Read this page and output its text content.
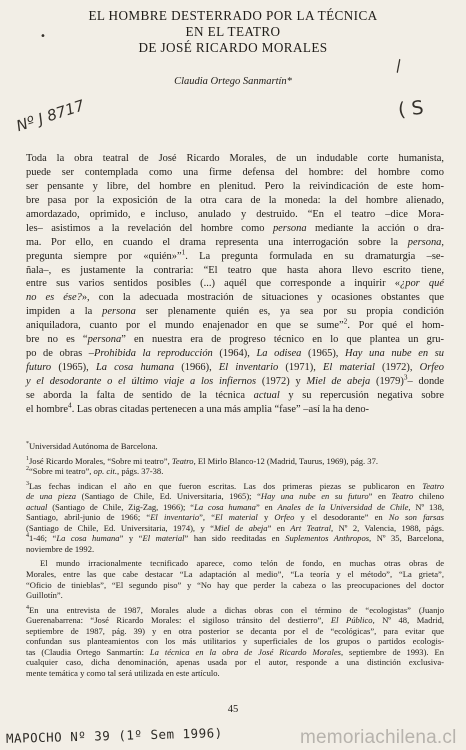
EL HOMBRE DESTERRADO POR LA TÉCNICA
EN EL TEATRO
DE JOSÉ RICARDO MORALES
Claudia Ortego Sanmartín*
•
\
Nº J 8717	( S
Toda la obra teatral de José Ricardo Morales, de un indudable corte humanista,
puede ser contemplada como una firme defensa del hombre: del hombre como
ser pensante y libre, del hombre en plenitud. Pero la reivindicación de este hom-
bre pasa por la exposición de la otra cara de la moneda: la del hombre alienado,
amordazado, oprimido, e incluso, anulado y destruido. “En el teatro –dice Mora-
les– asistimos a la revelación del hombre como persona mediante la acción o dra-
ma. Por ello, en cuando el drama representa una interrogación sobre la persona,
pregunta siempre por «quién»”$^1$. La pregunta formulada en su dramaturgia –se-
ñala–, es justamente la contraria: “El teatro que hasta ahora llevo escrito tiene,
entre sus varios sentidos posibles (...) aquél que corresponde a inquirir «¿por qué
no es ése?», con la adecuada mostración de situaciones y ocasiones obstantes que
impiden a la persona ser plenamente quién es, ya sea por su propia condición
aniquiladora, cuanto por el mundo enajenador en que se sume”$^2$. Por qué el hom-
bre no es “persona” en nuestra era de progreso técnico en lo que plantea un gru-
po de obras –Prohibida la reproducción (1964), La odisea (1965), Hay una nube en su
futuro (1965), La cosa humana (1966), El inventario (1971), El material (1972), Orfeo
y el desodorante o el último viaje a los infiernos (1972) y Miel de abeja $(1979)^3-$ donde
se aborda la falta de sentido de la técnica actual y su repercusión negativa sobre
el hombre$^4$. Las obras citadas pertenecen a una más amplia “fase” –así la ha deno-
*Universidad Autónoma de Barcelona.
$^1$José Ricardo Morales, “Sobre mi teatro”, Teatro, El Mirlo Blanco-12 (Madrid, Taurus, 1969), pág. 37.
$^2$“Sobre mi teatro”, op. cit., págs. 37-38.
$^3$Las fechas indican el año en que fueron escritas. Las dos primeras piezas se publicaron en Teatro
de una pieza (Santiago de Chile, Ed. Universitaria, 1965); “Hay una nube en su futuro” en Teatro chileno
actual (Santiago de Chile, Zig-Zag, 1966); “La cosa humana” en Anales de la Universidad de Chile, Nº 138,
Santiago, abril-junio de 1966; “El inventario”, “El material y Orfeo y el desodorante” en No son farsas
(Santiago de Chile, Ed. Universitaria, 1974), y “Miel de abeja” en Art Teatral, Nº 2, Valencia, 1988, págs.
$^4$1-46; “La cosa humana” y “El material” han sido reeditadas en Suplementos Anthropos, Nº 35, Barcelona,
noviembre de 1992.
El mundo irracionalmente tecnificado aparece, como telón de fondo, en muchas otras obras de
Morales, entre las que cabe destacar “La adaptación al medio”, “La teoría y el método”, “La grieta”,
“Oficio de tinieblas”, “El segundo piso” y “No hay que perder la cabeza o las preocupaciones del doctor
Guillotín”.
$^4$En una entrevista de 1987, Morales alude a dichas obras con el término de “ecologistas” (Juanjo
Guerenabarrena: “José Ricardo Morales: el sigiloso tránsito del destierro”, El Público, Nº 48, Madrid,
septiembre de 1987, pág. 39) y en otra posterior se decanta por el de “ecológicas”, para evitar que
confundan sus planteamientos con los más utilitarios y superficiales de los grupos o partidos ecologis-
tas (Claudia Ortego Sanmartín: La técnica en la obra de José Ricardo Morales, septiembre de 1993). En
cualquier caso, dicha denominación, apenas usada por el autor, responde a una distinción exclusiva-
mente temática y como tal será utilizada en este artículo.
45
MAPOCHO Nº 39 (1º Sem 1996)	memoriachilena.cl
